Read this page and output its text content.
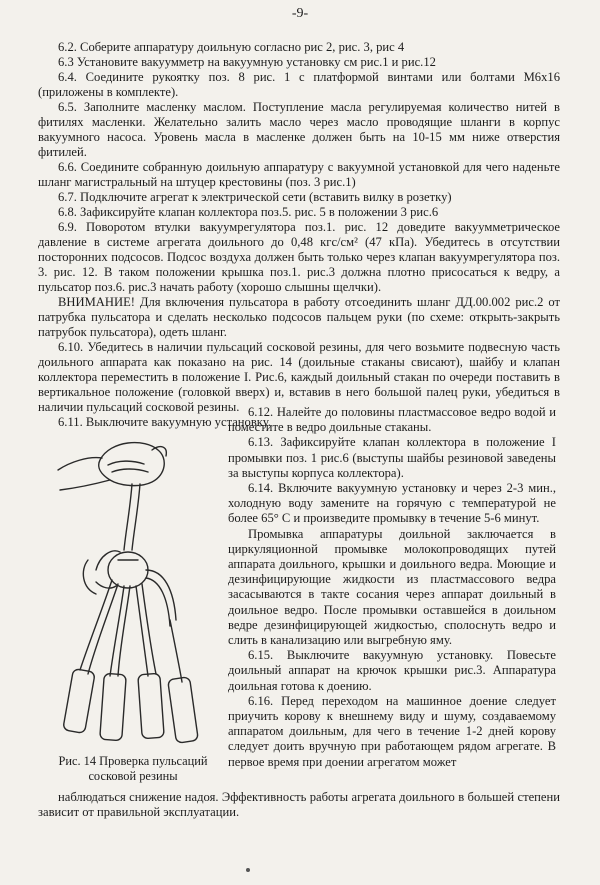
-9-

6.2. Соберите аппаратуру доильную согласно рис 2, рис. 3, рис 4

6.3 Установите вакуумметр на вакуумную установку см рис.1 и рис.12

6.4. Соедините рукоятку поз. 8 рис. 1 с платформой винтами или болтами М6х16 (приложены в комплекте).

6.5. Заполните масленку маслом. Поступление масла регулируемая количество нитей в фитилях масленки. Желательно залить масло через масло проводящие шланги в корпус вакуумного насоса. Уровень масла в масленке должен быть на 10-15 мм ниже отверстия фитилей.

6.6. Соедините собранную доильную аппаратуру с вакуумной установкой для чего наденьте шланг магистральный на штуцер крестовины (поз. 3 рис.1)

6.7. Подключите агрегат к электрической сети (вставить вилку в розетку)

6.8. Зафиксируйте клапан коллектора поз.5. рис. 5 в положении 3 рис.6

6.9. Поворотом втулки вакуумрегулятора поз.1. рис. 12 доведите вакуумметрическое давление в системе агрегата доильного до 0,48 кгс/см² (47 кПа). Убедитесь в отсутствии посторонних подсосов. Подсос воздуха должен быть только через клапан вакуумрегулятора поз. 3. рис. 12. В таком положении крышка поз.1. рис.3 должна плотно присосаться к ведру, а пульсатор поз.6. рис.3 начать работу (хорошо слышны щелчки).

ВНИМАНИЕ! Для включения пульсатора в работу отсоединить шланг ДД.00.002 рис.2 от патрубка пульсатора и сделать несколько подсосов пальцем руки (по схеме: открыть-закрыть патрубок пульсатора), одеть шланг.

6.10. Убедитесь в наличии пульсаций сосковой резины, для чего возьмите подвесную часть доильного аппарата как показано на рис. 14 (доильные стаканы свисают), шайбу и клапан коллектора переместить в положение I. Рис.6, каждый доильный стакан по очереди поставить в вертикальное положение (головкой вверх) и, вставив в него большой палец руки, убедиться в наличии пульсаций сосковой резины.

6.11. Выключите вакуумную установку.

Рис. 14 Проверка пульсаций сосковой резины

6.12. Налейте до половины пластмассовое ведро водой и поместите в ведро доильные стаканы.

6.13. Зафиксируйте клапан коллектора в положение I промывки поз. 1 рис.6 (выступы шайбы резиновой заведены за выступы корпуса коллектора).

6.14. Включите вакуумную установку и через 2-3 мин., холодную воду замените на горячую с температурой не более 65° С и произведите промывку в течение 5-6 минут.

Промывка аппаратуры доильной заключается в циркуляционной промывке молокопроводящих путей аппарата доильного, крышки и доильного ведра. Моющие и дезинфицирующие жидкости из пластмассового ведра засасываются в такте сосания через аппарат доильный в доильное ведро. После промывки оставшейся в доильном ведре дезинфицирующей жидкостью, сполоснуть ведро и слить в канализацию или выгребную яму.

6.15. Выключите вакуумную установку. Повесьте доильный аппарат на крючок крышки рис.3. Аппаратура доильная готова к доению.

6.16. Перед переходом на машинное доение следует приучить корову к внешнему виду и шуму, создаваемому аппаратом доильным, для чего в течение 1-2 дней корову следует доить вручную при работающем рядом агрегате. В первое время при доении агрегатом может

наблюдаться снижение надоя. Эффективность работы агрегата доильного в большей степени зависит от правильной эксплуатации.
